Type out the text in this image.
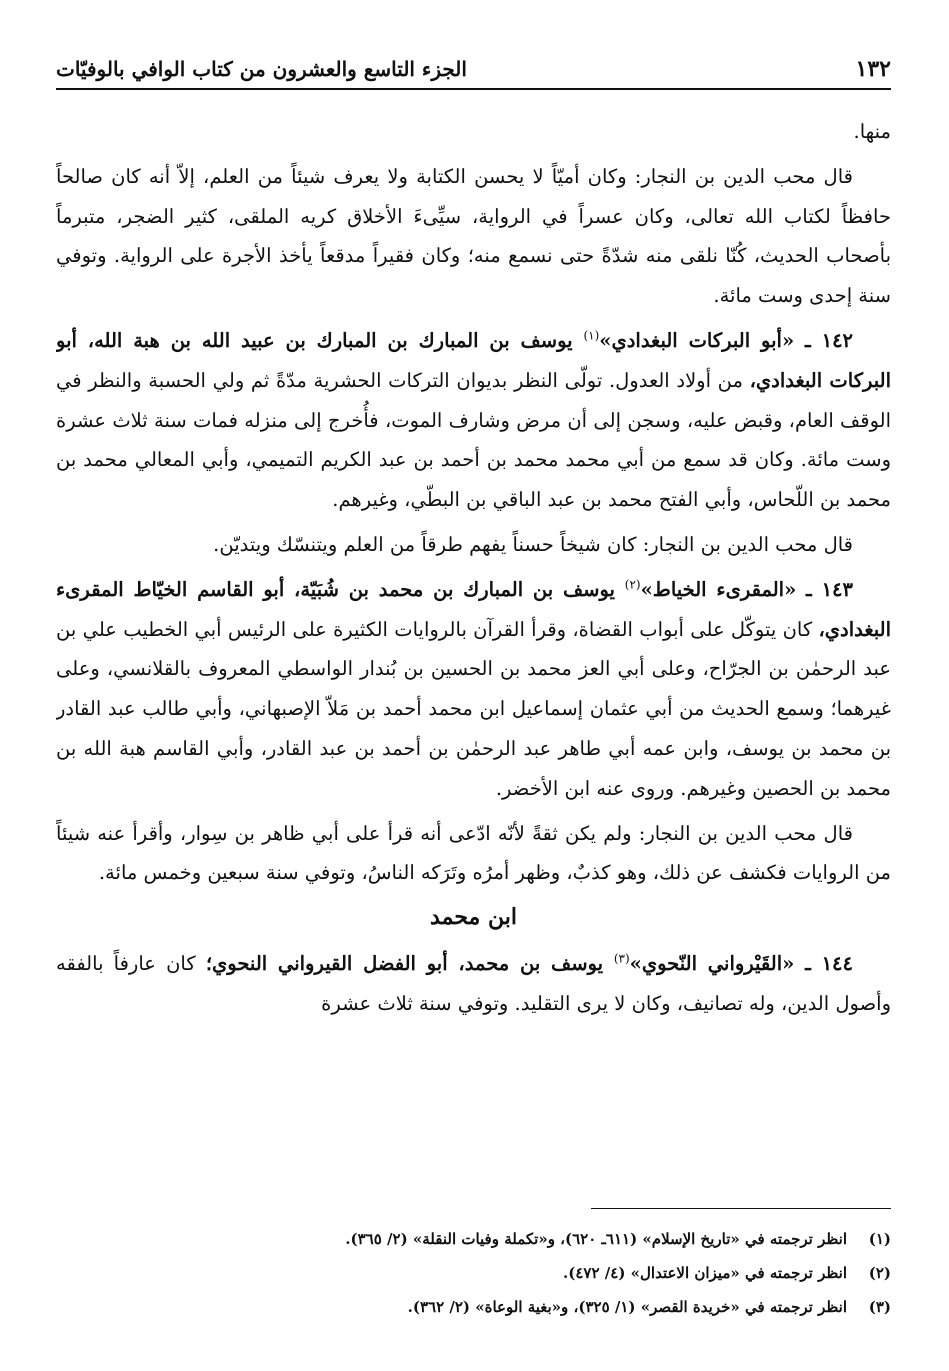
١٣٢
الجزء التاسع والعشرون من كتاب الوافي بالوفيّات

منها.

قال محب الدين بن النجار: وكان أميّاً لا يحسن الكتابة ولا يعرف شيئاً من العلم، إلاّ أنه كان صالحاً حافظاً لكتاب الله تعالى، وكان عسراً في الرواية، سيِّىءَ الأخلاق كريه الملقى، كثير الضجر، متبرماً بأصحاب الحديث، كُنّا نلقى منه شدّةً حتى نسمع منه؛ وكان فقيراً مدقعاً يأخذ الأجرة على الرواية. وتوفي سنة إحدى وست مائة.

١٤٢ ـ «أبو البركات البغدادي»$^{(١)}$ يوسف بن المبارك بن المبارك بن عبيد الله بن هبة الله، أبو البركات البغدادي، من أولاد العدول. تولّى النظر بديوان التركات الحشرية مدّةً ثم ولي الحسبة والنظر في الوقف العام، وقبض عليه، وسجن إلى أن مرض وشارف الموت، فأُخرج إلى منزله فمات سنة ثلاث عشرة وست مائة. وكان قد سمع من أبي محمد محمد بن أحمد بن عبد الكريم التميمي، وأبي المعالي محمد بن محمد بن اللّحاس، وأبي الفتح محمد بن عبد الباقي بن البطّي، وغيرهم.

قال محب الدين بن النجار: كان شيخاً حسناً يفهم طرقاً من العلم ويتنسّك ويتديّن.

١٤٣ ـ «المقرىء الخياط»$^{(٢)}$ يوسف بن المبارك بن محمد بن شُبَيّة، أبو القاسم الخيّاط المقرىء البغدادي، كان يتوكّل على أبواب القضاة، وقرأ القرآن بالروايات الكثيرة على الرئيس أبي الخطيب علي بن عبد الرحمٰن بن الجرّاح، وعلى أبي العز محمد بن الحسين بن بُندار الواسطي المعروف بالقلانسي، وعلى غيرهما؛ وسمع الحديث من أبي عثمان إسماعيل ابن محمد أحمد بن مَلاّ الإصبهاني، وأبي طالب عبد القادر بن محمد بن يوسف، وابن عمه أبي طاهر عبد الرحمٰن بن أحمد بن عبد القادر، وأبي القاسم هبة الله بن محمد بن الحصين وغيرهم. وروى عنه ابن الأخضر.

قال محب الدين بن النجار: ولم يكن ثقةً لأنّه ادّعى أنه قرأ على أبي ظاهر بن سِوار، وأقرأ عنه شيئاً من الروايات فكشف عن ذلك، وهو كذبٌ، وظهر أمرُه وتَرَكه الناسُ، وتوفي سنة سبعين وخمس مائة.

ابن محمد

١٤٤ ـ «القَيْرواني النّحوي»$^{(٣)}$ يوسف بن محمد، أبو الفضل القيرواني النحوي؛ كان عارفاً بالفقه وأصول الدين، وله تصانيف، وكان لا يرى التقليد. وتوفي سنة ثلاث عشرة

(١)
انظر ترجمته في «تاريخ الإسلام» (٦١١ـ ٦٢٠)، و«تكملة وفيات النقلة» (٢/ ٣٦٥).
(٢)
انظر ترجمته في «ميزان الاعتدال» (٤/ ٤٧٢).
(٣)
انظر ترجمته في «خريدة القصر» (١/ ٣٢٥)، و«بغية الوعاة» (٢/ ٣٦٢).
